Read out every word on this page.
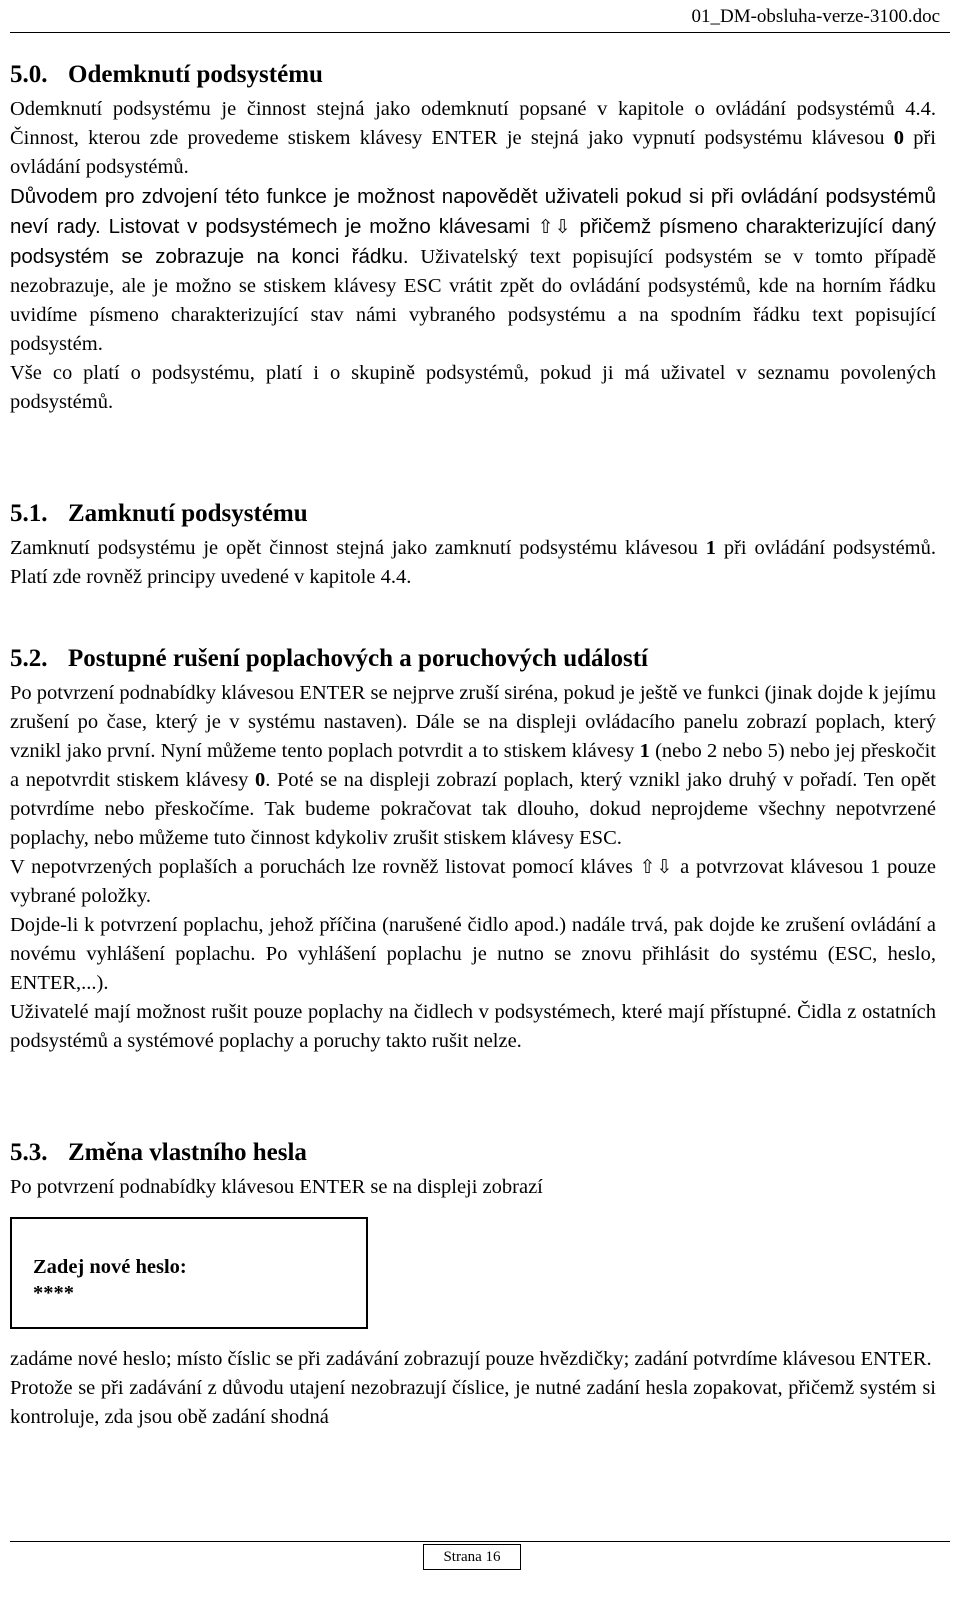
01_DM-obsluha-verze-3100.doc
5.0. Odemknutí podsystému

Odemknutí podsystému je činnost stejná jako odemknutí popsané v kapitole o ovládání podsystémů 4.4. Činnost, kterou zde provedeme stiskem klávesy ENTER je stejná jako vypnutí podsystému klávesou 0 při ovládání podsystémů.

Důvodem pro zdvojení této funkce je možnost napovědět uživateli pokud si při ovládání podsystémů neví rady. Listovat v podsystémech je možno klávesami ⇧⇩ přičemž písmeno charakterizující daný podsystém se zobrazuje na konci řádku. Uživatelský text popisující podsystém se v tomto případě nezobrazuje, ale je možno se stiskem klávesy ESC vrátit zpět do ovládání podsystémů, kde na horním řádku uvidíme písmeno charakterizující stav námi vybraného podsystému a na spodním řádku text popisující podsystém.

Vše co platí o podsystému, platí i o skupině podsystémů, pokud ji má uživatel v seznamu povolených podsystémů.

5.1. Zamknutí podsystému

Zamknutí podsystému je opět činnost stejná jako zamknutí podsystému klávesou 1 při ovládání podsystémů. Platí zde rovněž principy uvedené v kapitole 4.4.

5.2. Postupné rušení poplachových a poruchových událostí

Po potvrzení podnabídky klávesou ENTER se nejprve zruší siréna, pokud je ještě ve funkci (jinak dojde k jejímu zrušení po čase, který je v systému nastaven). Dále se na displeji ovládacího panelu zobrazí poplach, který vznikl jako první. Nyní můžeme tento poplach potvrdit a to stiskem klávesy 1 (nebo 2 nebo 5) nebo jej přeskočit a nepotvrdit stiskem klávesy 0. Poté se na displeji zobrazí poplach, který vznikl jako druhý v pořadí. Ten opět potvrdíme nebo přeskočíme. Tak budeme pokračovat tak dlouho, dokud neprojdeme všechny nepotvrzené poplachy, nebo můžeme tuto činnost kdykoliv zrušit stiskem klávesy ESC.

V nepotvrzených poplaších a poruchách lze rovněž listovat pomocí kláves ⇧⇩ a potvrzovat klávesou 1 pouze vybrané položky.

Dojde-li k potvrzení poplachu, jehož příčina (narušené čidlo apod.) nadále trvá, pak dojde ke zrušení ovládání a novému vyhlášení poplachu. Po vyhlášení poplachu je nutno se znovu přihlásit do systému (ESC, heslo, ENTER,...).

Uživatelé mají možnost rušit pouze poplachy na čidlech v podsystémech, které mají přístupné. Čidla z ostatních podsystémů a systémové poplachy a poruchy takto rušit nelze.

5.3. Změna vlastního hesla

Po potvrzení podnabídky klávesou ENTER se na displeji zobrazí

Zadej nové heslo:
****

zadáme nové heslo; místo číslic se při zadávání zobrazují pouze hvězdičky; zadání potvrdíme klávesou ENTER.

Protože se při zadávání z důvodu utajení nezobrazují číslice, je nutné zadání hesla zopakovat, přičemž systém si kontroluje, zda jsou obě zadání shodná

Strana 16
